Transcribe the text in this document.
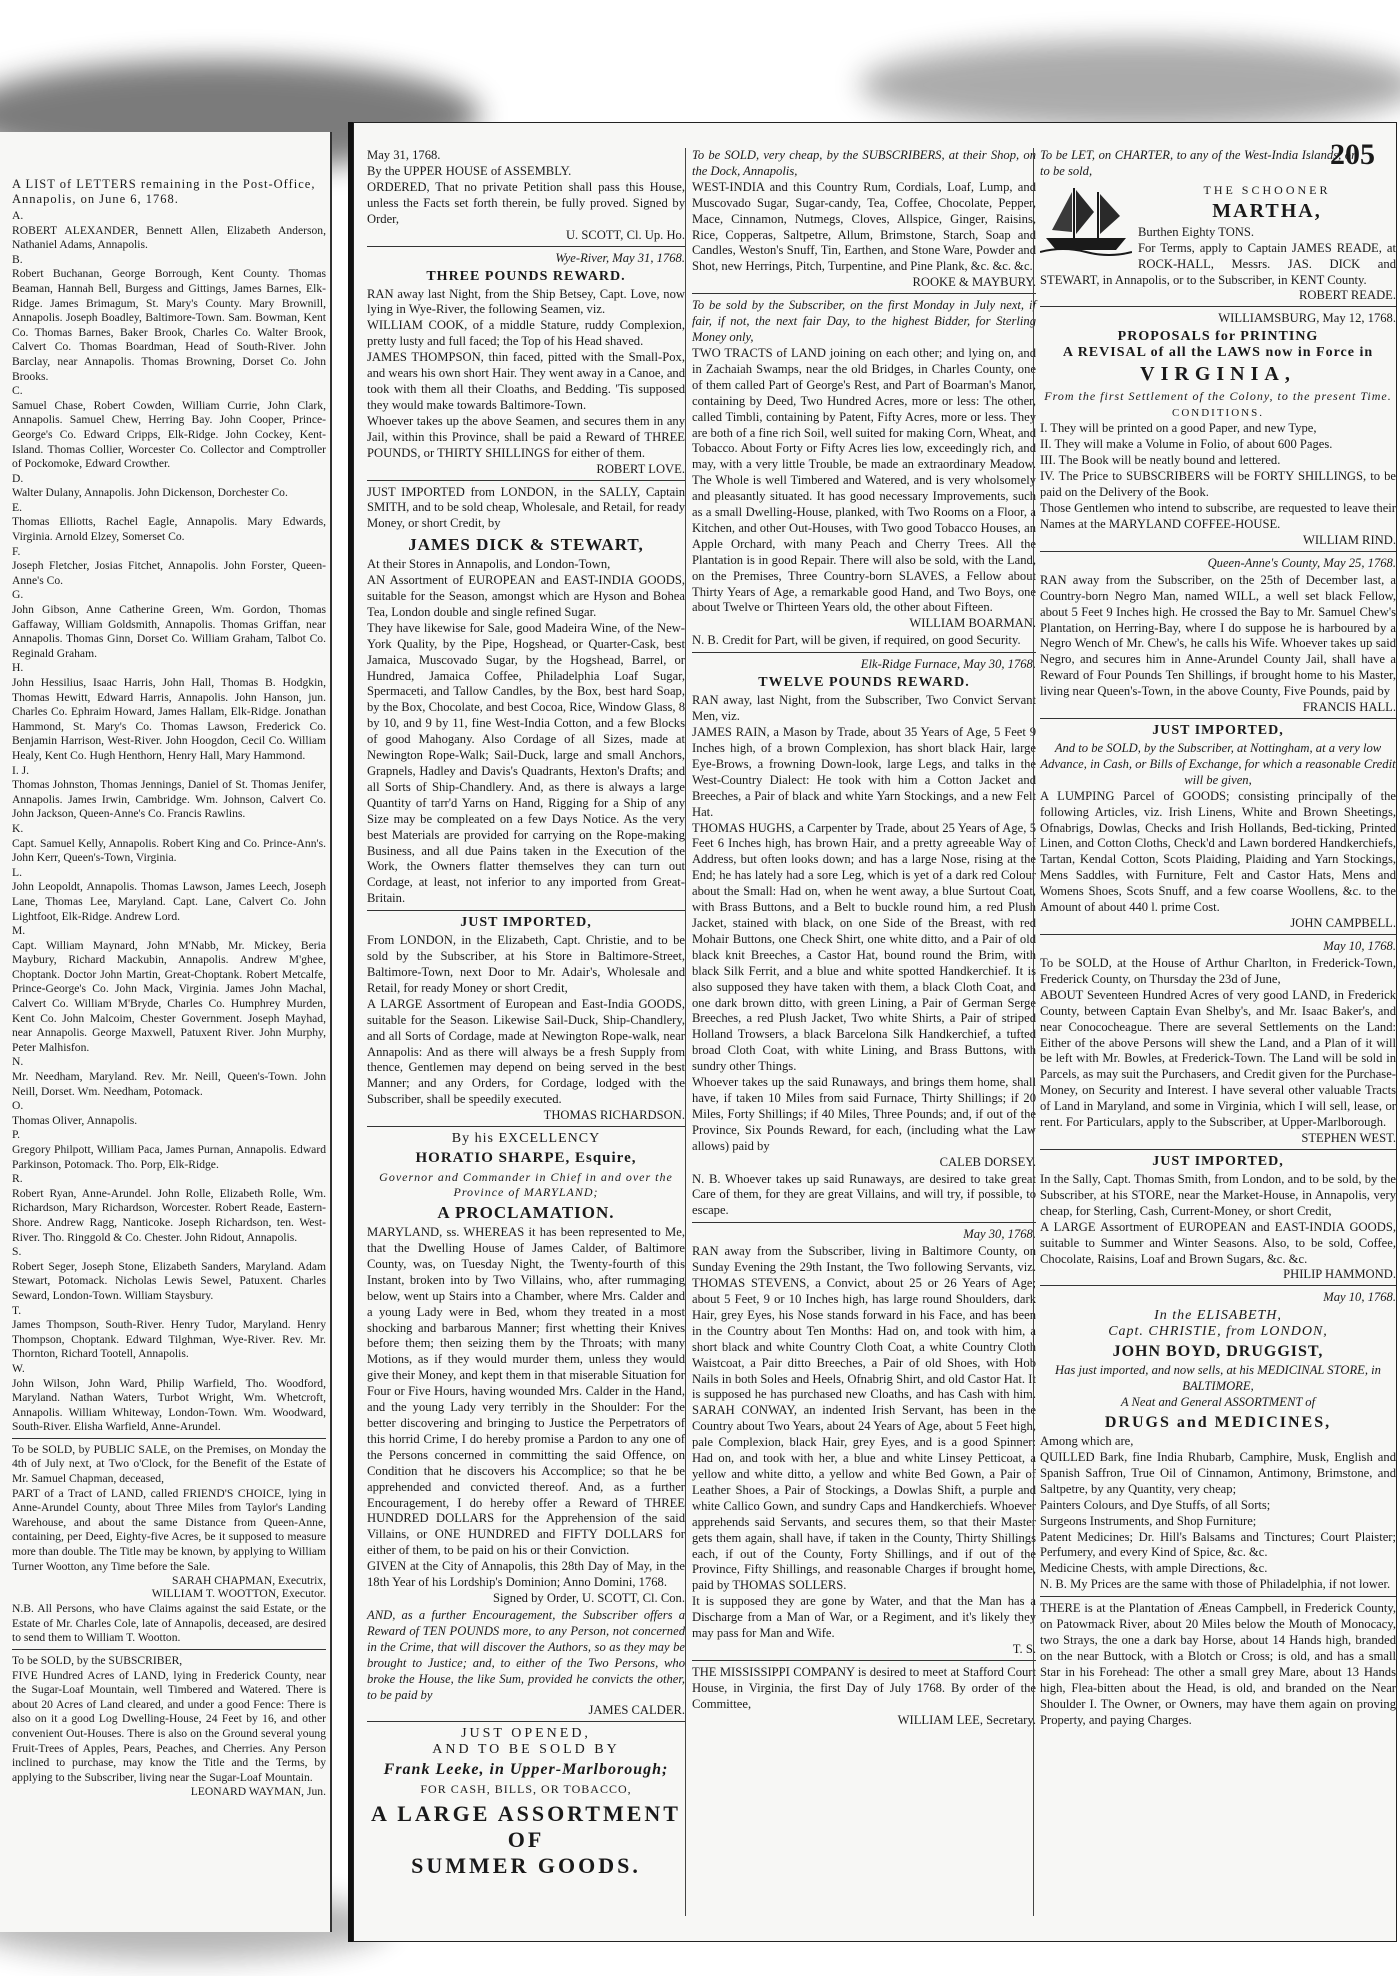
A LIST of LETTERS remaining in the Post-Office, Annapolis, on June 6, 1768.

A.
ROBERT ALEXANDER, Bennett Allen, Elizabeth Anderson, Nathaniel Adams, Annapolis.
B.
Robert Buchanan, George Borrough, Kent County. Thomas Beaman, Hannah Bell, Burgess and Gittings, James Barnes, Elk-Ridge. James Brimagum, St. Mary's County. Mary Brownill, Annapolis. Joseph Boadley, Baltimore-Town. Sam. Bowman, Kent Co. Thomas Barnes, Baker Brook, Charles Co. Walter Brook, Calvert Co. Thomas Boardman, Head of South-River. John Barclay, near Annapolis. Thomas Browning, Dorset Co. John Brooks.
C.
Samuel Chase, Robert Cowden, William Currie, John Clark, Annapolis. Samuel Chew, Herring Bay. John Cooper, Prince-George's Co. Edward Cripps, Elk-Ridge. John Cockey, Kent-Island. Thomas Collier, Worcester Co. Collector and Comptroller of Pockomoke, Edward Crowther.
D.
Walter Dulany, Annapolis. John Dickenson, Dorchester Co.
E.
Thomas Elliotts, Rachel Eagle, Annapolis. Mary Edwards, Virginia. Arnold Elzey, Somerset Co.
F.
Joseph Fletcher, Josias Fitchet, Annapolis. John Forster, Queen-Anne's Co.
G.
John Gibson, Anne Catherine Green, Wm. Gordon, Thomas Gaffaway, William Goldsmith, Annapolis. Thomas Griffan, near Annapolis. Thomas Ginn, Dorset Co. William Graham, Talbot Co. Reginald Graham.
H.
John Hessilius, Isaac Harris, John Hall, Thomas B. Hodgkin, Thomas Hewitt, Edward Harris, Annapolis. John Hanson, jun. Charles Co. Ephraim Howard, James Hallam, Elk-Ridge. Jonathan Hammond, St. Mary's Co. Thomas Lawson, Frederick Co. Benjamin Harrison, West-River. John Hoogdon, Cecil Co. William Healy, Kent Co. Hugh Henthorn, Henry Hall, Mary Hammond.
I. J.
Thomas Johnston, Thomas Jennings, Daniel of St. Thomas Jenifer, Annapolis. James Irwin, Cambridge. Wm. Johnson, Calvert Co. John Jackson, Queen-Anne's Co. Francis Rawlins.
K.
Capt. Samuel Kelly, Annapolis. Robert King and Co. Prince-Ann's. John Kerr, Queen's-Town, Virginia.
L.
John Leopoldt, Annapolis. Thomas Lawson, James Leech, Joseph Lane, Thomas Lee, Maryland. Capt. Lane, Calvert Co. John Lightfoot, Elk-Ridge. Andrew Lord.
M.
Capt. William Maynard, John M'Nabb, Mr. Mickey, Beria Maybury, Richard Mackubin, Annapolis. Andrew M'ghee, Choptank. Doctor John Martin, Great-Choptank. Robert Metcalfe, Prince-George's Co. John Mack, Virginia. James John Machal, Calvert Co. William M'Bryde, Charles Co. Humphrey Murden, Kent Co. John Malcoim, Chester Government. Joseph Mayhad, near Annapolis. George Maxwell, Patuxent River. John Murphy, Peter Malhisfon.
N.
Mr. Needham, Maryland. Rev. Mr. Neill, Queen's-Town. John Neill, Dorset. Wm. Needham, Potomack.
O.
Thomas Oliver, Annapolis.
P.
Gregory Philpott, William Paca, James Purnan, Annapolis. Edward Parkinson, Potomack. Tho. Porp, Elk-Ridge.
R.
Robert Ryan, Anne-Arundel. John Rolle, Elizabeth Rolle, Wm. Richardson, Mary Richardson, Worcester. Robert Reade, Eastern-Shore. Andrew Ragg, Nanticoke. Joseph Richardson, ten. West-River. Tho. Ringgold & Co. Chester. John Ridout, Annapolis.
S.
Robert Seger, Joseph Stone, Elizabeth Sanders, Maryland. Adam Stewart, Potomack. Nicholas Lewis Sewel, Patuxent. Charles Seward, London-Town. William Staysbury.
T.
James Thompson, South-River. Henry Tudor, Maryland. Henry Thompson, Choptank. Edward Tilghman, Wye-River. Rev. Mr. Thornton, Richard Tootell, Annapolis.
W.
John Wilson, John Ward, Philip Warfield, Tho. Woodford, Maryland. Nathan Waters, Turbot Wright, Wm. Whetcroft, Annapolis. William Whiteway, London-Town. Wm. Woodward, South-River. Elisha Warfield, Anne-Arundel.

To be SOLD, by PUBLIC SALE, on the Premises, on Monday the 4th of July next, at Two o'Clock, for the Benefit of the Estate of Mr. Samuel Chapman, deceased,
PART of a Tract of LAND, called FRIEND'S CHOICE, lying in Anne-Arundel County, about Three Miles from Taylor's Landing Warehouse, and about the same Distance from Queen-Anne, containing, per Deed, Eighty-five Acres, be it supposed to measure more than double. The Title may be known, by applying to William Turner Wootton, any Time before the Sale.

SARAH CHAPMAN, Executrix,
WILLIAM T. WOOTTON, Executor.

N.B. All Persons, who have Claims against the said Estate, or the Estate of Mr. Charles Cole, late of Annapolis, deceased, are desired to send them to William T. Wootton.

To be SOLD, by the SUBSCRIBER,
FIVE Hundred Acres of LAND, lying in Frederick County, near the Sugar-Loaf Mountain, well Timbered and Watered. There is about 20 Acres of Land cleared, and under a good Fence: There is also on it a good Log Dwelling-House, 24 Feet by 16, and other convenient Out-Houses. There is also on the Ground several young Fruit-Trees of Apples, Pears, Peaches, and Cherries. Any Person inclined to purchase, may know the Title and the Terms, by applying to the Subscriber, living near the Sugar-Loaf Mountain.

LEONARD WAYMAN, Jun.

205

May 31, 1768.
By the UPPER HOUSE of ASSEMBLY.
ORDERED, That no private Petition shall pass this House, unless the Facts set forth therein, be fully proved. Signed by Order,

U. SCOTT, Cl. Up. Ho.

Wye-River, May 31, 1768.

THREE POUNDS REWARD.

RAN away last Night, from the Ship Betsey, Capt. Love, now lying in Wye-River, the following Seamen, viz.
WILLIAM COOK, of a middle Stature, ruddy Complexion, pretty lusty and full faced; the Top of his Head shaved.
JAMES THOMPSON, thin faced, pitted with the Small-Pox, and wears his own short Hair. They went away in a Canoe, and took with them all their Cloaths, and Bedding. 'Tis supposed they would make towards Baltimore-Town.
Whoever takes up the above Seamen, and secures them in any Jail, within this Province, shall be paid a Reward of THREE POUNDS, or THIRTY SHILLINGS for either of them.

ROBERT LOVE.

JUST IMPORTED from LONDON, in the SALLY, Captain SMITH, and to be sold cheap, Wholesale, and Retail, for ready Money, or short Credit, by

JAMES DICK & STEWART,

At their Stores in Annapolis, and London-Town,
AN Assortment of EUROPEAN and EAST-INDIA GOODS, suitable for the Season, amongst which are Hyson and Bohea Tea, London double and single refined Sugar.
They have likewise for Sale, good Madeira Wine, of the New-York Quality, by the Pipe, Hogshead, or Quarter-Cask, best Jamaica, Muscovado Sugar, by the Hogshead, Barrel, or Hundred, Jamaica Coffee, Philadelphia Loaf Sugar, Spermaceti, and Tallow Candles, by the Box, best hard Soap, by the Box, Chocolate, and best Cocoa, Rice, Window Glass, 8 by 10, and 9 by 11, fine West-India Cotton, and a few Blocks of good Mahogany. Also Cordage of all Sizes, made at Newington Rope-Walk; Sail-Duck, large and small Anchors, Grapnels, Hadley and Davis's Quadrants, Hexton's Drafts; and all Sorts of Ship-Chandlery. And, as there is always a large Quantity of tarr'd Yarns on Hand, Rigging for a Ship of any Size may be compleated on a few Days Notice. As the very best Materials are provided for carrying on the Rope-making Business, and all due Pains taken in the Execution of the Work, the Owners flatter themselves they can turn out Cordage, at least, not inferior to any imported from Great-Britain.

JUST IMPORTED,

From LONDON, in the Elizabeth, Capt. Christie, and to be sold by the Subscriber, at his Store in Baltimore-Street, Baltimore-Town, next Door to Mr. Adair's, Wholesale and Retail, for ready Money or short Credit,
A LARGE Assortment of European and East-India GOODS, suitable for the Season. Likewise Sail-Duck, Ship-Chandlery, and all Sorts of Cordage, made at Newington Rope-walk, near Annapolis: And as there will always be a fresh Supply from thence, Gentlemen may depend on being served in the best Manner; and any Orders, for Cordage, lodged with the Subscriber, shall be speedily executed.

THOMAS RICHARDSON.

By his EXCELLENCY

HORATIO SHARPE, Esquire,

Governor and Commander in Chief in and over the Province of MARYLAND;

A PROCLAMATION.

MARYLAND, ss. WHEREAS it has been represented to Me, that the Dwelling House of James Calder, of Baltimore County, was, on Tuesday Night, the Twenty-fourth of this Instant, broken into by Two Villains, who, after rummaging below, went up Stairs into a Chamber, where Mrs. Calder and a young Lady were in Bed, whom they treated in a most shocking and barbarous Manner; first whetting their Knives before them; then seizing them by the Throats; with many Motions, as if they would murder them, unless they would give their Money, and kept them in that miserable Situation for Four or Five Hours, having wounded Mrs. Calder in the Hand, and the young Lady very terribly in the Shoulder: For the better discovering and bringing to Justice the Perpetrators of this horrid Crime, I do hereby promise a Pardon to any one of the Persons concerned in committing the said Offence, on Condition that he discovers his Accomplice; so that he be apprehended and convicted thereof. And, as a further Encouragement, I do hereby offer a Reward of THREE HUNDRED DOLLARS for the Apprehension of the said Villains, or ONE HUNDRED and FIFTY DOLLARS for either of them, to be paid on his or their Conviction.
GIVEN at the City of Annapolis, this 28th Day of May, in the 18th Year of his Lordship's Dominion; Anno Domini, 1768.

Signed by Order, U. SCOTT, Cl. Con.

AND, as a further Encouragement, the Subscriber offers a Reward of TEN POUNDS more, to any Person, not concerned in the Crime, that will discover the Authors, so as they may be brought to Justice; and, to either of the Two Persons, who broke the House, the like Sum, provided he convicts the other, to be paid by

JAMES CALDER.

JUST OPENED,
AND TO BE SOLD BY

Frank Leeke, in Upper-Marlborough;

FOR CASH, BILLS, OR TOBACCO,

A LARGE ASSORTMENT OF
SUMMER GOODS.

To be SOLD, very cheap, by the SUBSCRIBERS, at their Shop, on the Dock, Annapolis,

WEST-INDIA and this Country Rum, Cordials, Loaf, Lump, and Muscovado Sugar, Sugar-candy, Tea, Coffee, Chocolate, Pepper, Mace, Cinnamon, Nutmegs, Cloves, Allspice, Ginger, Raisins, Rice, Copperas, Saltpetre, Allum, Brimstone, Starch, Soap and Candles, Weston's Snuff, Tin, Earthen, and Stone Ware, Powder and Shot, new Herrings, Pitch, Turpentine, and Pine Plank, &c. &c. &c.

ROOKE & MAYBURY.

To be sold by the Subscriber, on the first Monday in July next, if fair, if not, the next fair Day, to the highest Bidder, for Sterling Money only,

TWO TRACTS of LAND joining on each other; and lying on, and in Zachaiah Swamps, near the old Bridges, in Charles County, one of them called Part of George's Rest, and Part of Boarman's Manor, containing by Deed, Two Hundred Acres, more or less: The other, called Timbli, containing by Patent, Fifty Acres, more or less. They are both of a fine rich Soil, well suited for making Corn, Wheat, and Tobacco. About Forty or Fifty Acres lies low, exceedingly rich, and may, with a very little Trouble, be made an extraordinary Meadow. The Whole is well Timbered and Watered, and is very wholsomely and pleasantly situated. It has good necessary Improvements, such as a small Dwelling-House, planked, with Two Rooms on a Floor, a Kitchen, and other Out-Houses, with Two good Tobacco Houses, an Apple Orchard, with many Peach and Cherry Trees. All the Plantation is in good Repair. There will also be sold, with the Land, on the Premises, Three Country-born SLAVES, a Fellow about Thirty Years of Age, a remarkable good Hand, and Two Boys, one about Twelve or Thirteen Years old, the other about Fifteen.

WILLIAM BOARMAN.

N. B. Credit for Part, will be given, if required, on good Security.

Elk-Ridge Furnace, May 30, 1768.

TWELVE POUNDS REWARD.

RAN away, last Night, from the Subscriber, Two Convict Servant Men, viz.
JAMES RAIN, a Mason by Trade, about 35 Years of Age, 5 Feet 9 Inches high, of a brown Complexion, has short black Hair, large Eye-Brows, a frowning Down-look, large Legs, and talks in the West-Country Dialect: He took with him a Cotton Jacket and Breeches, a Pair of black and white Yarn Stockings, and a new Felt Hat.
THOMAS HUGHS, a Carpenter by Trade, about 25 Years of Age, 5 Feet 6 Inches high, has brown Hair, and a pretty agreeable Way of Address, but often looks down; and has a large Nose, rising at the End; he has lately had a sore Leg, which is yet of a dark red Colour about the Small: Had on, when he went away, a blue Surtout Coat, with Brass Buttons, and a Belt to buckle round him, a red Plush Jacket, stained with black, on one Side of the Breast, with red Mohair Buttons, one Check Shirt, one white ditto, and a Pair of old black knit Breeches, a Castor Hat, bound round the Brim, with black Silk Ferrit, and a blue and white spotted Handkerchief. It is also supposed they have taken with them, a black Cloth Coat, and one dark brown ditto, with green Lining, a Pair of German Serge Breeches, a red Plush Jacket, Two white Shirts, a Pair of striped Holland Trowsers, a black Barcelona Silk Handkerchief, a tufted broad Cloth Coat, with white Lining, and Brass Buttons, with sundry other Things.
Whoever takes up the said Runaways, and brings them home, shall have, if taken 10 Miles from said Furnace, Thirty Shillings; if 20 Miles, Forty Shillings; if 40 Miles, Three Pounds; and, if out of the Province, Six Pounds Reward, for each, (including what the Law allows) paid by

CALEB DORSEY.

N. B. Whoever takes up said Runaways, are desired to take great Care of them, for they are great Villains, and will try, if possible, to escape.

May 30, 1768.

RAN away from the Subscriber, living in Baltimore County, on Sunday Evening the 29th Instant, the Two following Servants, viz. THOMAS STEVENS, a Convict, about 25 or 26 Years of Age; about 5 Feet, 9 or 10 Inches high, has large round Shoulders, dark Hair, grey Eyes, his Nose stands forward in his Face, and has been in the Country about Ten Months: Had on, and took with him, a short black and white Country Cloth Coat, a white Country Cloth Waistcoat, a Pair ditto Breeches, a Pair of old Shoes, with Hob Nails in both Soles and Heels, Ofnabrig Shirt, and old Castor Hat. It is supposed he has purchased new Cloaths, and has Cash with him. SARAH CONWAY, an indented Irish Servant, has been in the Country about Two Years, about 24 Years of Age, about 5 Feet high, pale Complexion, black Hair, grey Eyes, and is a good Spinner: Had on, and took with her, a blue and white Linsey Petticoat, a yellow and white ditto, a yellow and white Bed Gown, a Pair of Leather Shoes, a Pair of Stockings, a Dowlas Shift, a purple and white Callico Gown, and sundry Caps and Handkerchiefs. Whoever apprehends said Servants, and secures them, so that their Master gets them again, shall have, if taken in the County, Thirty Shillings each, if out of the County, Forty Shillings, and if out of the Province, Fifty Shillings, and reasonable Charges if brought home, paid by THOMAS SOLLERS.
It is supposed they are gone by Water, and that the Man has a Discharge from a Man of War, or a Regiment, and it's likely they may pass for Man and Wife.

T. S.

THE MISSISSIPPI COMPANY is desired to meet at Stafford Court House, in Virginia, the first Day of July 1768. By order of the Committee,

WILLIAM LEE, Secretary.

To be LET, on CHARTER, to any of the West-India Islands, or to be sold,

THE SCHOONER

MARTHA,

Burthen Eighty TONS.
For Terms, apply to Captain JAMES READE, at ROCK-HALL, Messrs. JAS. DICK and STEWART, in Annapolis, or to the Subscriber, in KENT County.

ROBERT READE.

WILLIAMSBURG, May 12, 1768.

PROPOSALS for PRINTING
A REVISAL of all the LAWS now in Force in

VIRGINIA,

From the first Settlement of the Colony, to the present Time.

CONDITIONS.

I. They will be printed on a good Paper, and new Type,
II. They will make a Volume in Folio, of about 600 Pages.
III. The Book will be neatly bound and lettered.
IV. The Price to SUBSCRIBERS will be FORTY SHILLINGS, to be paid on the Delivery of the Book.
Those Gentlemen who intend to subscribe, are requested to leave their Names at the MARYLAND COFFEE-HOUSE.

WILLIAM RIND.

Queen-Anne's County, May 25, 1768.

RAN away from the Subscriber, on the 25th of December last, a Country-born Negro Man, named WILL, a well set black Fellow, about 5 Feet 9 Inches high. He crossed the Bay to Mr. Samuel Chew's Plantation, on Herring-Bay, where I do suppose he is harboured by a Negro Wench of Mr. Chew's, he calls his Wife. Whoever takes up said Negro, and secures him in Anne-Arundel County Jail, shall have a Reward of Four Pounds Ten Shillings, if brought home to his Master, living near Queen's-Town, in the above County, Five Pounds, paid by

FRANCIS HALL.

JUST IMPORTED,

And to be SOLD, by the Subscriber, at Nottingham, at a very low Advance, in Cash, or Bills of Exchange, for which a reasonable Credit will be given,

A LUMPING Parcel of GOODS; consisting principally of the following Articles, viz. Irish Linens, White and Brown Sheetings, Ofnabrigs, Dowlas, Checks and Irish Hollands, Bed-ticking, Printed Linen, and Cotton Cloths, Check'd and Lawn bordered Handkerchiefs, Tartan, Kendal Cotton, Scots Plaiding, Plaiding and Yarn Stockings, Mens Saddles, with Furniture, Felt and Castor Hats, Mens and Womens Shoes, Scots Snuff, and a few coarse Woollens, &c. to the Amount of about 440 l. prime Cost.

JOHN CAMPBELL.

May 10, 1768.

To be SOLD, at the House of Arthur Charlton, in Frederick-Town, Frederick County, on Thursday the 23d of June,
ABOUT Seventeen Hundred Acres of very good LAND, in Frederick County, between Captain Evan Shelby's, and Mr. Isaac Baker's, and near Conococheague. There are several Settlements on the Land: Either of the above Persons will shew the Land, and a Plan of it will be left with Mr. Bowles, at Frederick-Town. The Land will be sold in Parcels, as may suit the Purchasers, and Credit given for the Purchase-Money, on Security and Interest. I have several other valuable Tracts of Land in Maryland, and some in Virginia, which I will sell, lease, or rent. For Particulars, apply to the Subscriber, at Upper-Marlborough.

STEPHEN WEST.

JUST IMPORTED,

In the Sally, Capt. Thomas Smith, from London, and to be sold, by the Subscriber, at his STORE, near the Market-House, in Annapolis, very cheap, for Sterling, Cash, Current-Money, or short Credit,
A LARGE Assortment of EUROPEAN and EAST-INDIA GOODS, suitable to Summer and Winter Seasons. Also, to be sold, Coffee, Chocolate, Raisins, Loaf and Brown Sugars, &c. &c.

PHILIP HAMMOND.

May 10, 1768.

In the ELISABETH,
Capt. CHRISTIE, from LONDON,

JOHN BOYD, DRUGGIST,

Has just imported, and now sells, at his MEDICINAL STORE, in BALTIMORE,
A Neat and General ASSORTMENT of

DRUGS and MEDICINES,

Among which are,
QUILLED Bark, fine India Rhubarb, Camphire, Musk, English and Spanish Saffron, True Oil of Cinnamon, Antimony, Brimstone, and Saltpetre, by any Quantity, very cheap;
Painters Colours, and Dye Stuffs, of all Sorts;
Surgeons Instruments, and Shop Furniture;
Patent Medicines; Dr. Hill's Balsams and Tinctures; Court Plaister; Perfumery, and every Kind of Spice, &c. &c.
Medicine Chests, with ample Directions, &c.
N. B. My Prices are the same with those of Philadelphia, if not lower.

THERE is at the Plantation of Æneas Campbell, in Frederick County, on Patowmack River, about 20 Miles below the Mouth of Monocacy, two Strays, the one a dark bay Horse, about 14 Hands high, branded on the near Buttock, with a Blotch or Cross; is old, and has a small Star in his Forehead: The other a small grey Mare, about 13 Hands high, Flea-bitten about the Head, is old, and branded on the Near Shoulder I. The Owner, or Owners, may have them again on proving Property, and paying Charges.
